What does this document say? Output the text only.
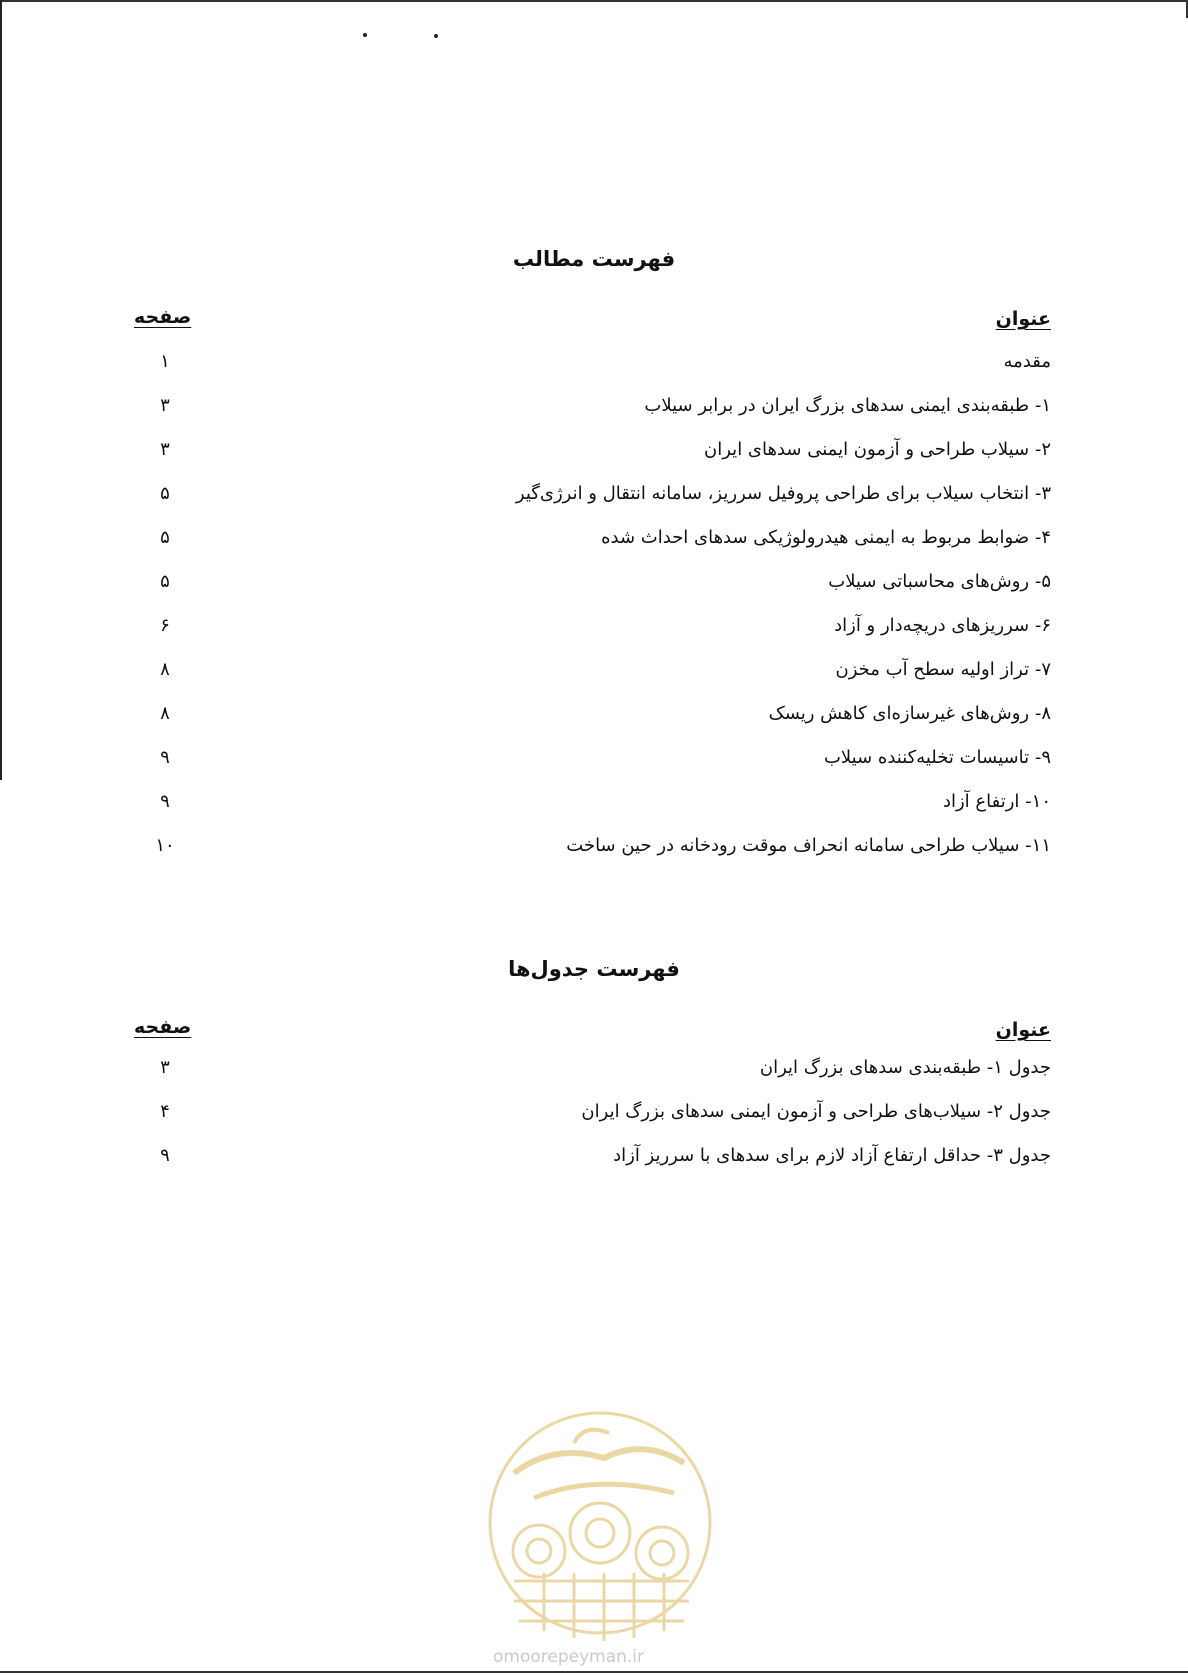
فهرست مطالب
عنوان
صفحه
مقدمه
۱
۱- طبقه‌بندی ایمنی سدهای بزرگ ایران در برابر سیلاب
۳
۲- سیلاب طراحی و آزمون ایمنی سدهای ایران
۳
۳- انتخاب سیلاب برای طراحی پروفیل سرریز، سامانه انتقال و انرژی‌گیر
۵
۴- ضوابط مربوط به ایمنی هیدرولوژیکی سدهای احداث شده
۵
۵- روش‌های محاسباتی سیلاب
۵
۶- سرریزهای دریچه‌دار و آزاد
۶
۷- تراز اولیه سطح آب مخزن
۸
۸- روش‌های غیرسازه‌ای کاهش ریسک
۸
۹- تاسیسات تخلیه‌کننده سیلاب
۹
۱۰- ارتفاع آزاد
۹
۱۱- سیلاب طراحی سامانه انحراف موقت رودخانه در حین ساخت
۱۰
فهرست جدول‌ها
عنوان
صفحه
جدول ۱- طبقه‌بندی سدهای بزرگ ایران
۳
جدول ۲- سیلاب‌های طراحی و آزمون ایمنی سدهای بزرگ ایران
۴
جدول ۳- حداقل ارتفاع آزاد لازم برای سدهای با سرریز آزاد
۹
omoorepeyman.ir
